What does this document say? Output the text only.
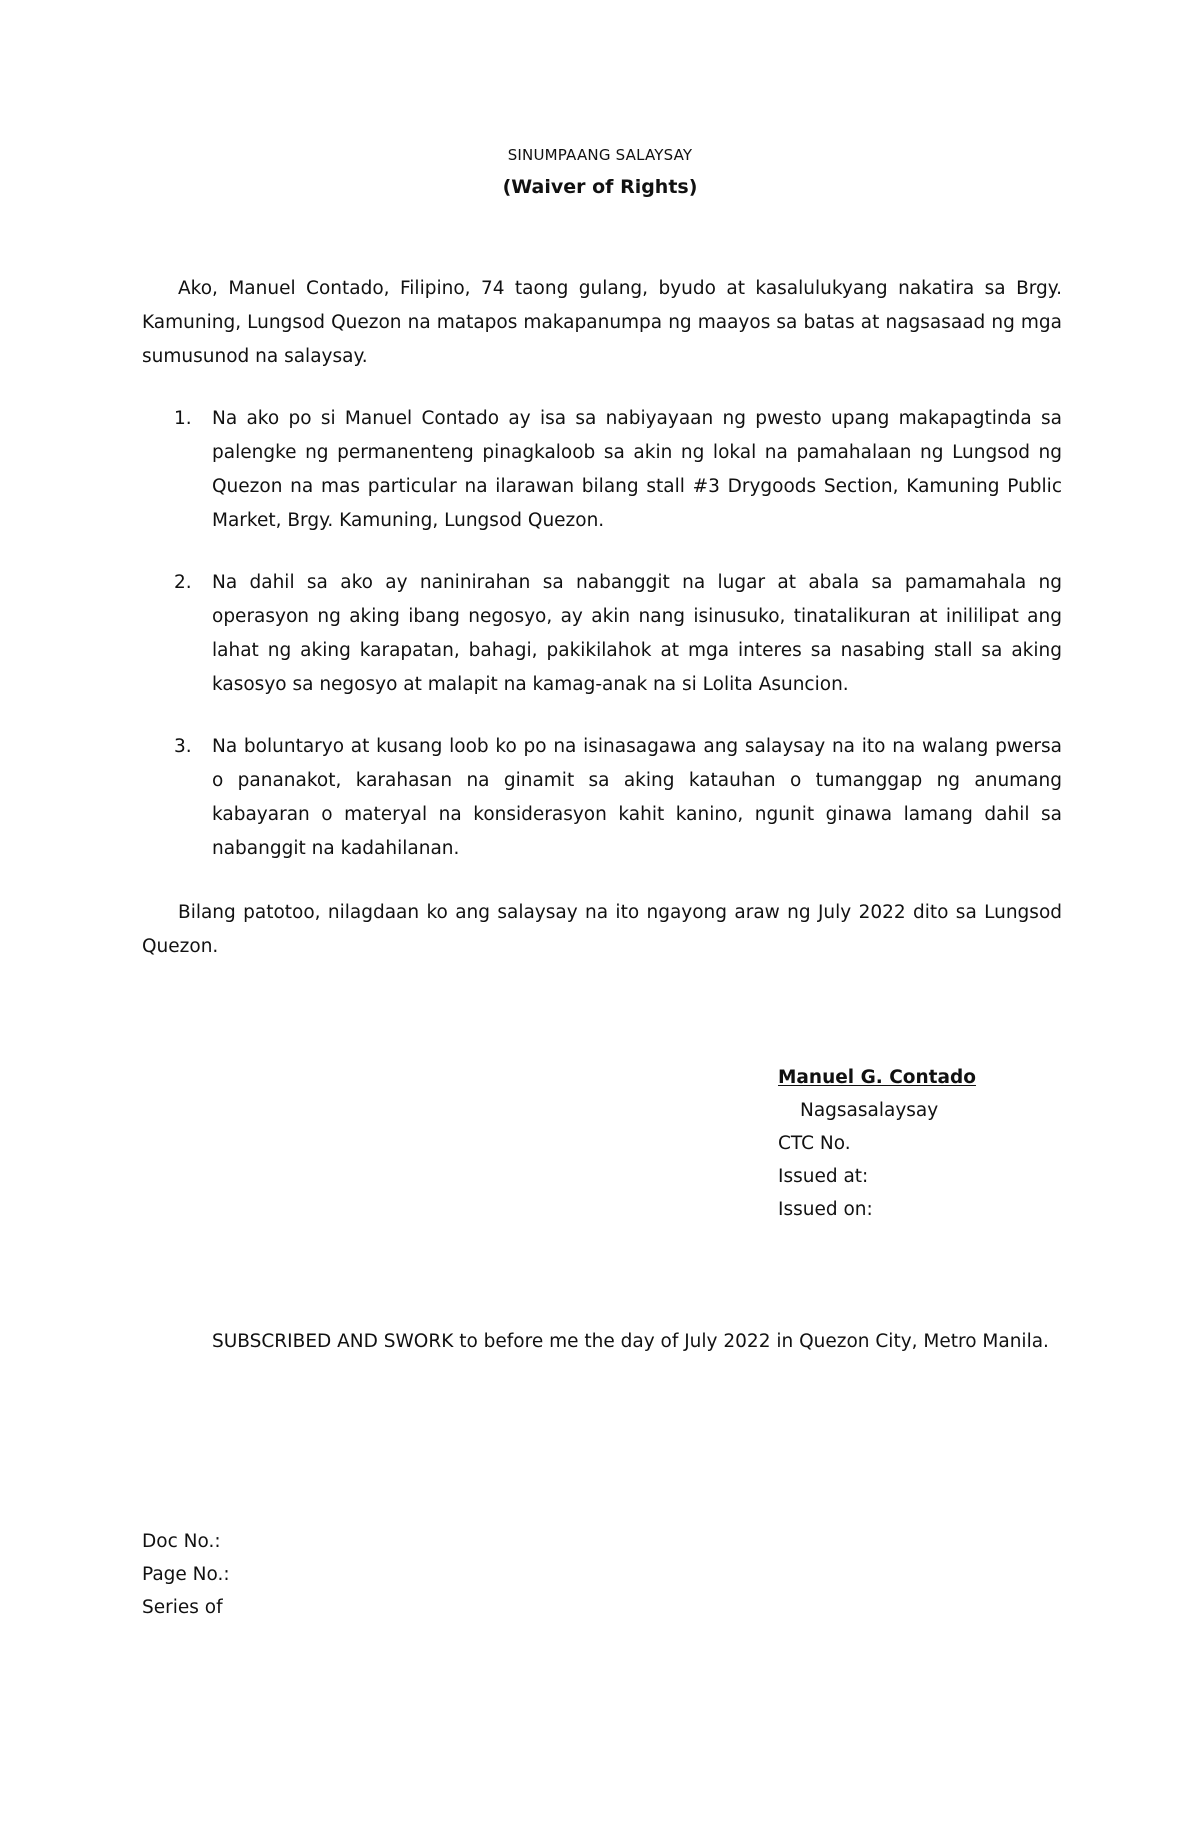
SINUMPAANG SALAYSAY
(Waiver of Rights)

Ako, Manuel Contado, Filipino, 74 taong gulang, byudo at kasalulukyang nakatira sa Brgy. Kamuning, Lungsod Quezon na matapos makapanumpa ng maayos sa batas at nagsasaad ng mga sumusunod na salaysay.

1. Na ako po si Manuel Contado ay isa sa nabiyayaan ng pwesto upang makapagtinda sa palengke ng permanenteng pinagkaloob sa akin ng lokal na pamahalaan ng Lungsod ng Quezon na mas particular na ilarawan bilang stall #3 Drygoods Section, Kamuning Public Market, Brgy. Kamuning, Lungsod Quezon.

2. Na dahil sa ako ay naninirahan sa nabanggit na lugar at abala sa pamamahala ng operasyon ng aking ibang negosyo, ay akin nang isinusuko, tinatalikuran at inililipat ang lahat ng aking karapatan, bahagi, pakikilahok at mga interes sa nasabing stall sa aking kasosyo sa negosyo at malapit na kamag-anak na si Lolita Asuncion.

3. Na boluntaryo at kusang loob ko po na isinasagawa ang salaysay na ito na walang pwersa o pananakot, karahasan na ginamit sa aking katauhan o tumanggap ng anumang kabayaran o materyal na konsiderasyon kahit kanino, ngunit ginawa lamang dahil sa nabanggit na kadahilanan.

Bilang patotoo, nilagdaan ko ang salaysay na ito ngayong araw ng July 2022 dito sa Lungsod Quezon.

Manuel G. Contado
Nagsasalaysay
CTC No.
Issued at:
Issued on:

SUBSCRIBED AND SWORK to before me the day of July 2022 in Quezon City, Metro Manila.

Doc No.:
Page No.:
Series of
